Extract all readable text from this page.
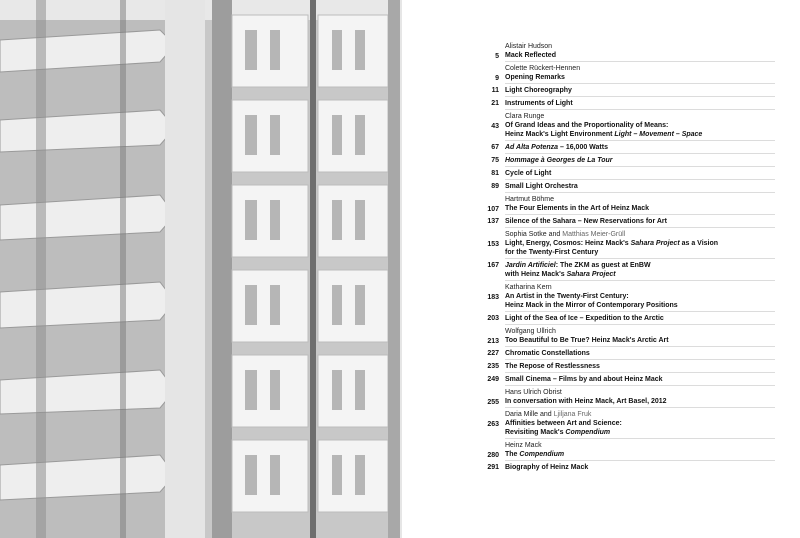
5
Alistair Hudson
Mack Reflected
9
Colette Rückert-Hennen
Opening Remarks
11 Light Choreography
21 Instruments of Light
43
Clara Runge
Of Grand Ideas and the Proportionality of Means:
Heinz Mack's Light Environment Light – Movement – Space
67 Ad Alta Potenza – 16,000 Watts
75 Hommage à Georges de La Tour
81 Cycle of Light
89 Small Light Orchestra
107
Hartmut Böhme
The Four Elements in the Art of Heinz Mack
137 Silence of the Sahara – New Reservations for Art
153
Sophia Sotke and Matthias Meier-Grüll
Light, Energy, Cosmos: Heinz Mack's Sahara Project as a Vision
for the Twenty-First Century
167 Jardin Artificiel: The ZKM as guest at EnBW
with Heinz Mack's Sahara Project
183
Katharina Kern
An Artist in the Twenty-First Century:
Heinz Mack in the Mirror of Contemporary Positions
203 Light of the Sea of Ice – Expedition to the Arctic
213
Wolfgang Ullrich
Too Beautiful to Be True? Heinz Mack's Arctic Art
227 Chromatic Constellations
235 The Repose of Restlessness
249 Small Cinema – Films by and about Heinz Mack
255
Hans Ulrich Obrist
In conversation with Heinz Mack, Art Basel, 2012
263
Daria Mille and Ljiljana Fruk
Affinities between Art and Science:
Revisiting Mack's Compendium
280
Heinz Mack
The Compendium
291 Biography of Heinz Mack
